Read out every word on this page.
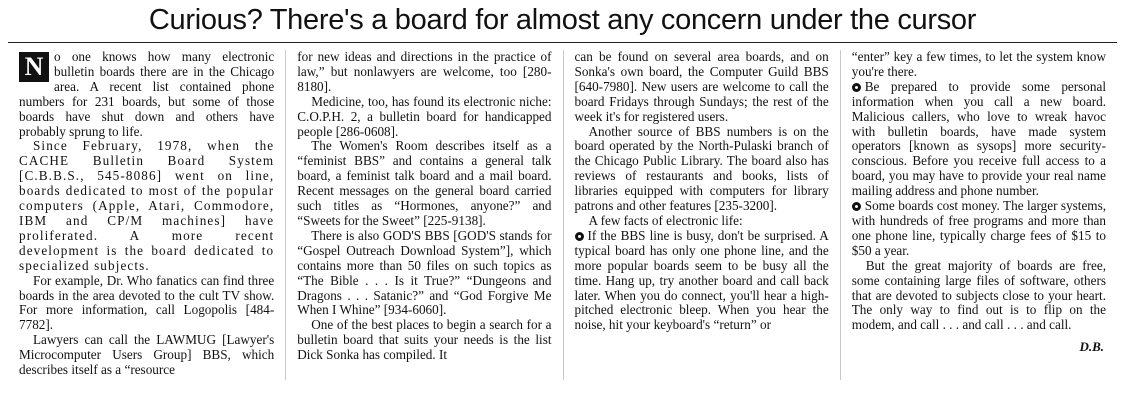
Curious? There's a board for almost any concern under the cursor

N o one knows how many electronic bulletin boards there are in the Chicago area. A recent list contained phone numbers for 231 boards, but some of those boards have shut down and others have probably sprung to life.

Since February, 1978, when the CACHE Bulletin Board System [C.B.B.S., 545-8086] went on line, boards dedicated to most of the popular computers (Apple, Atari, Commodore, IBM and CP/M machines] have proliferated. A more recent development is the board dedicated to specialized subjects.

For example, Dr. Who fanatics can find three boards in the area devoted to the cult TV show. For more information, call Logopolis [484-7782].

Lawyers can call the LAWMUG [Lawyer's Microcomputer Users Group] BBS, which describes itself as a “resource

for new ideas and directions in the practice of law,” but nonlawyers are welcome, too [280-8180].

Medicine, too, has found its electronic niche: C.O.P.H. 2, a bulletin board for handicapped people [286-0608].

The Women's Room describes itself as a “feminist BBS” and contains a general talk board, a feminist talk board and a mail board. Recent messages on the general board carried such titles as “Hormones, anyone?” and “Sweets for the Sweet” [225-9138].

There is also GOD'S BBS [GOD'S stands for “Gospel Outreach Download System”], which contains more than 50 files on such topics as “The Bible . . . Is it True?” “Dungeons and Dragons . . . Satanic?” and “God Forgive Me When I Whine” [934-6060].

One of the best places to begin a search for a bulletin board that suits your needs is the list Dick Sonka has compiled. It

can be found on several area boards, and on Sonka's own board, the Computer Guild BBS [640-7980]. New users are welcome to call the board Fridays through Sundays; the rest of the week it's for registered users.

Another source of BBS numbers is on the board operated by the North-Pulaski branch of the Chicago Public Library. The board also has reviews of restaurants and books, lists of libraries equipped with computers for library patrons and other features [235-3200].

A few facts of electronic life:

If the BBS line is busy, don't be surprised. A typical board has only one phone line, and the more popular boards seem to be busy all the time. Hang up, try another board and call back later. When you do connect, you'll hear a high-pitched electronic bleep. When you hear the noise, hit your keyboard's “return” or

“enter” key a few times, to let the system know you're there.

Be prepared to provide some personal information when you call a new board. Malicious callers, who love to wreak havoc with bulletin boards, have made system operators [known as sysops] more security-conscious. Before you receive full access to a board, you may have to provide your real name mailing address and phone number.

Some boards cost money. The larger systems, with hundreds of free programs and more than one phone line, typically charge fees of $15 to $50 a year.

But the great majority of boards are free, some containing large files of software, others that are devoted to subjects close to your heart. The only way to find out is to flip on the modem, and call . . . and call . . . and call.

D.B.
